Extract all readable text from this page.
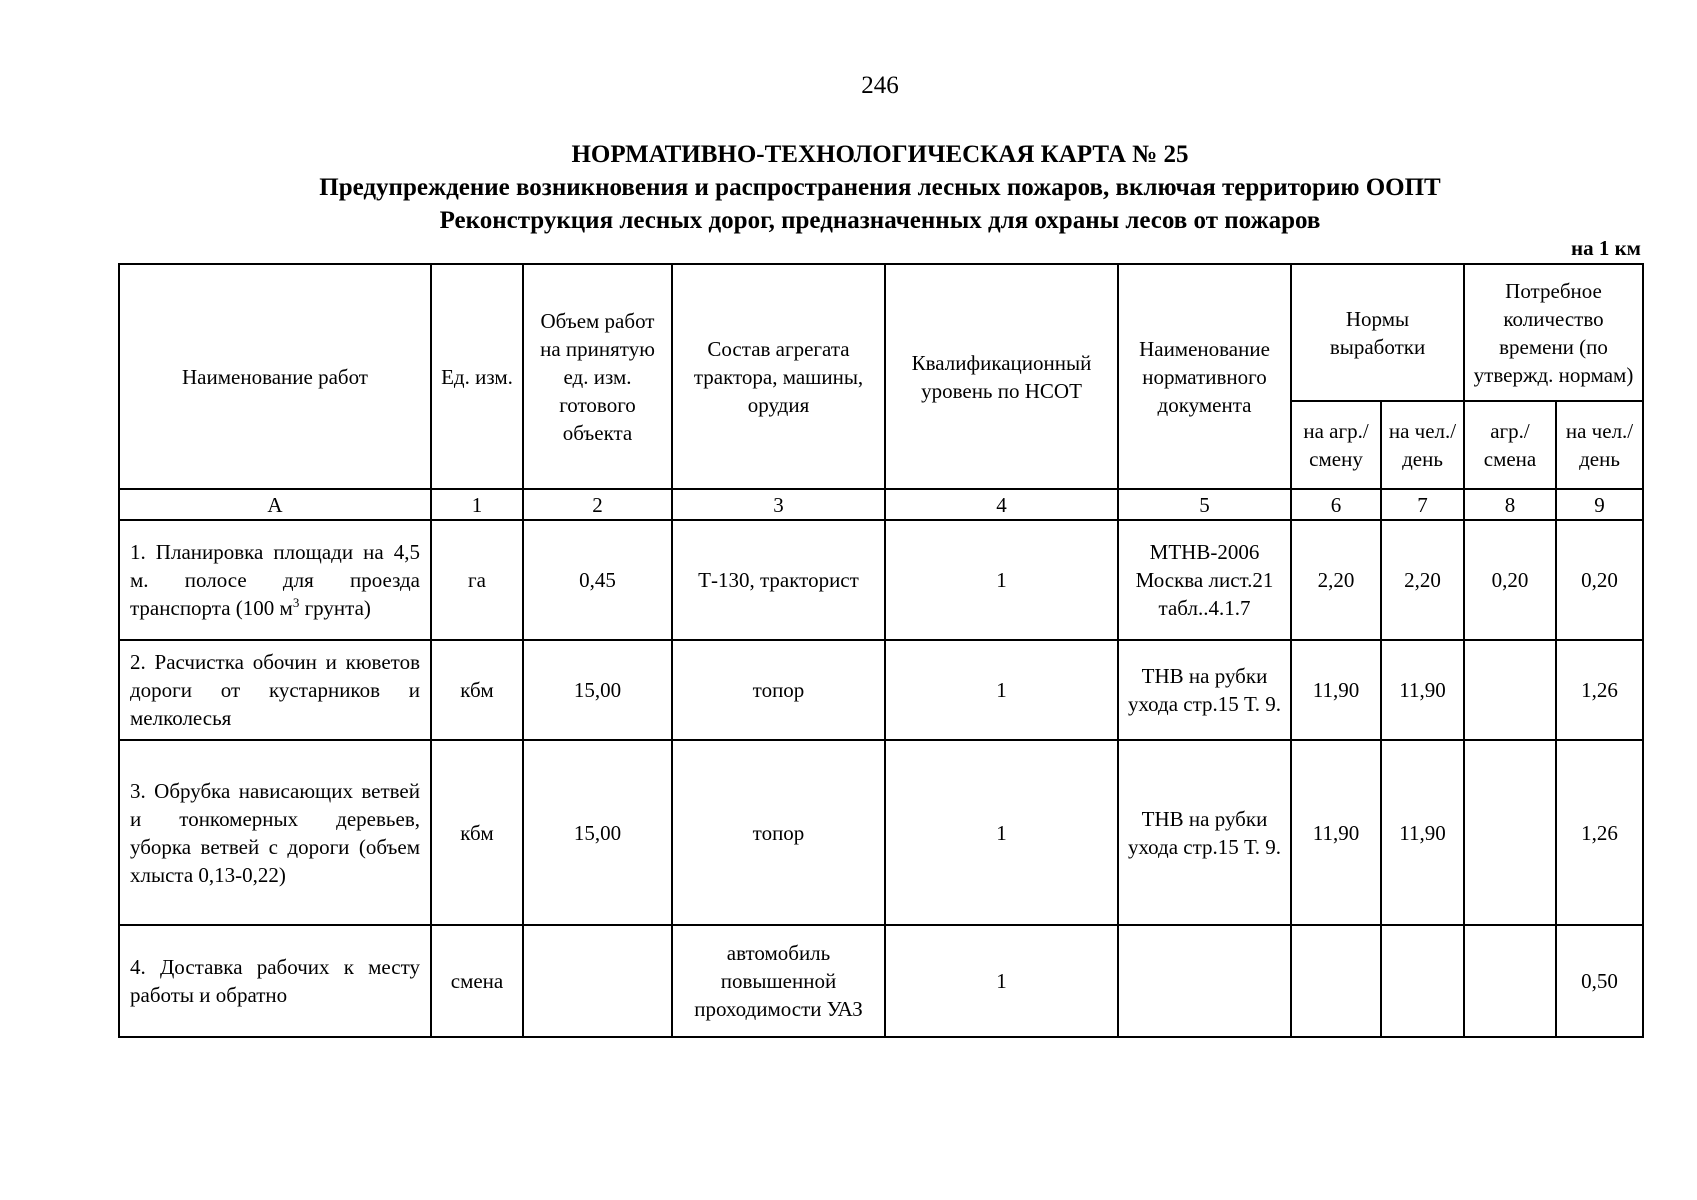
246
НОРМАТИВНО-ТЕХНОЛОГИЧЕСКАЯ КАРТА № 25
Предупреждение возникновения и распространения лесных пожаров, включая территорию ООПТ
Реконструкция лесных дорог, предназначенных для охраны лесов от пожаров
на 1 км
Наименование работ	Ед. изм.	Объем работ на принятую ед. изм. готового объекта	Состав агрегата трактора, машины, орудия	Квалификационный уровень по НСОТ	Наименование нормативного документа	Нормы выработки		Потребное количество времени (по утвержд. нормам)	
						на агр./ смену	на чел./ день	агр./ смена	на чел./ день
А	1	2	3	4	5	6	7	8	9
1. Планировка площади на 4,5 м. полосе для проезда транспорта (100 $м^3$ грунта)	га	0,45	Т-130, тракторист	1	МТНВ-2006 Москва лист.21 табл..4.1.7	2,20	2,20	0,20	0,20
2. Расчистка обочин и кюветов дороги от кустарников и мелколесья	кбм	15,00	топор	1	ТНВ на рубки ухода стр.15 Т. 9.	11,90	11,90		1,26
3. Обрубка нависающих ветвей и тонкомерных деревьев, уборка ветвей с дороги (объем хлыста 0,13-0,22)	кбм	15,00	топор	1	ТНВ на рубки ухода стр.15 Т. 9.	11,90	11,90		1,26
4. Доставка рабочих к месту работы и обратно	смена		автомобиль повышенной проходимости УАЗ	1					0,50
